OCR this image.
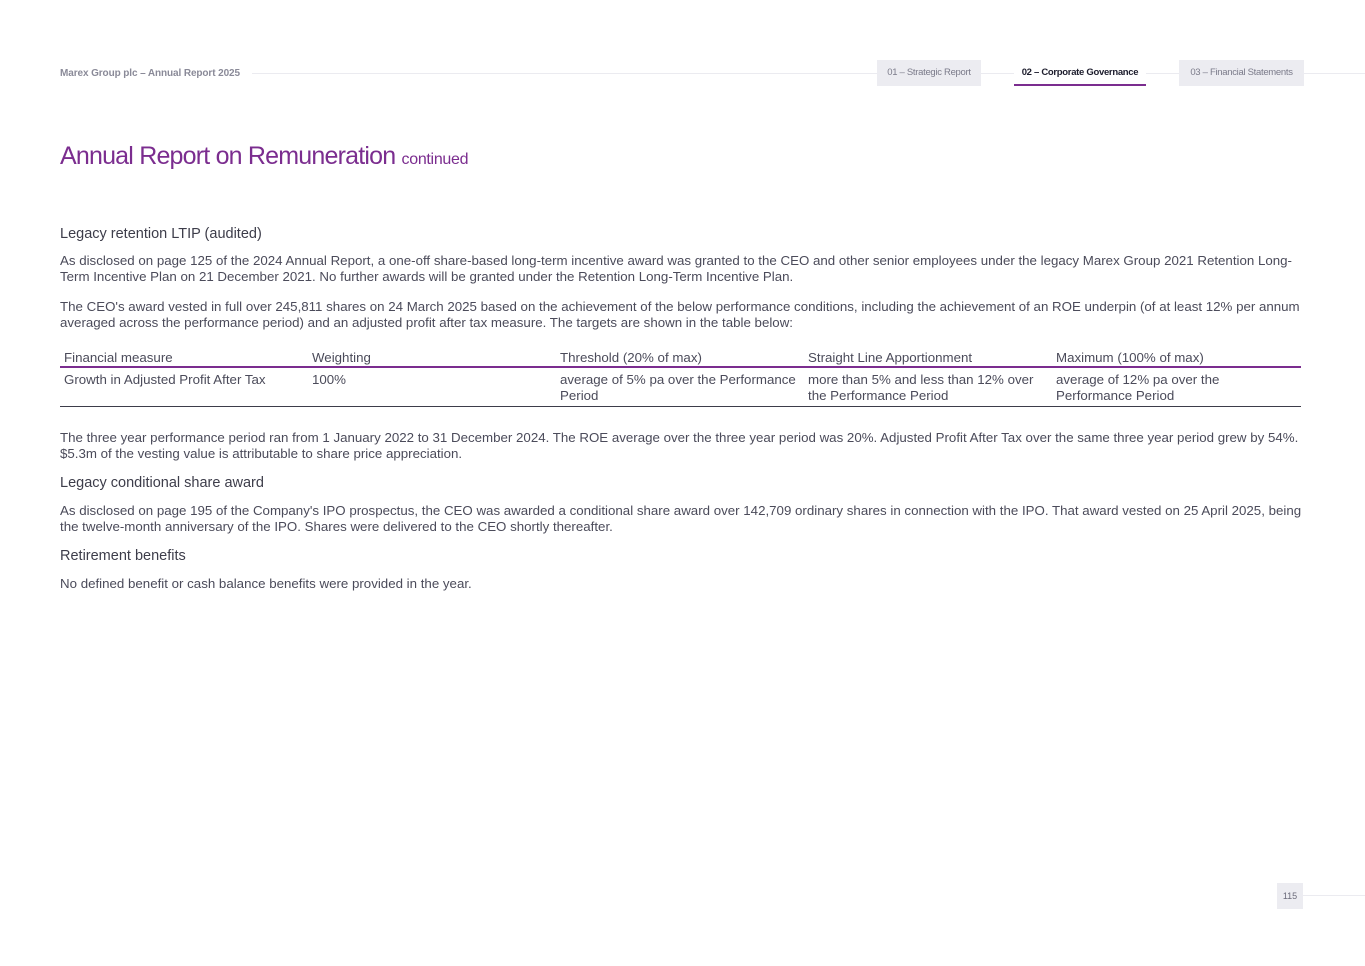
Marex Group plc – Annual Report 2025	01 – Strategic Report	02 – Corporate Governance	03 – Financial Statements
Annual Report on Remuneration continued
Legacy retention LTIP (audited)

As disclosed on page 125 of the 2024 Annual Report, a one-off share-based long-term incentive award was granted to the CEO and other senior employees under the legacy Marex Group 2021 Retention Long-Term Incentive Plan on 21 December 2021. No further awards will be granted under the Retention Long-Term Incentive Plan.

The CEO's award vested in full over 245,811 shares on 24 March 2025 based on the achievement of the below performance conditions, including the achievement of an ROE underpin (of at least 12% per annum averaged across the performance period) and an adjusted profit after tax measure. The targets are shown in the table below:

Financial measure	Weighting	Threshold (20% of max)	Straight Line Apportionment	Maximum (100% of max)
Growth in Adjusted Profit After Tax	100%	average of 5% pa over the Performance Period	more than 5% and less than 12% over the Performance Period	average of 12% pa over the Performance Period

The three year performance period ran from 1 January 2022 to 31 December 2024. The ROE average over the three year period was 20%. Adjusted Profit After Tax over the same three year period grew by 54%. $5.3m of the vesting value is attributable to share price appreciation.

Legacy conditional share award

As disclosed on page 195 of the Company's IPO prospectus, the CEO was awarded a conditional share award over 142,709 ordinary shares in connection with the IPO. That award vested on 25 April 2025, being the twelve-month anniversary of the IPO. Shares were delivered to the CEO shortly thereafter.

Retirement benefits

No defined benefit or cash balance benefits were provided in the year.

115
